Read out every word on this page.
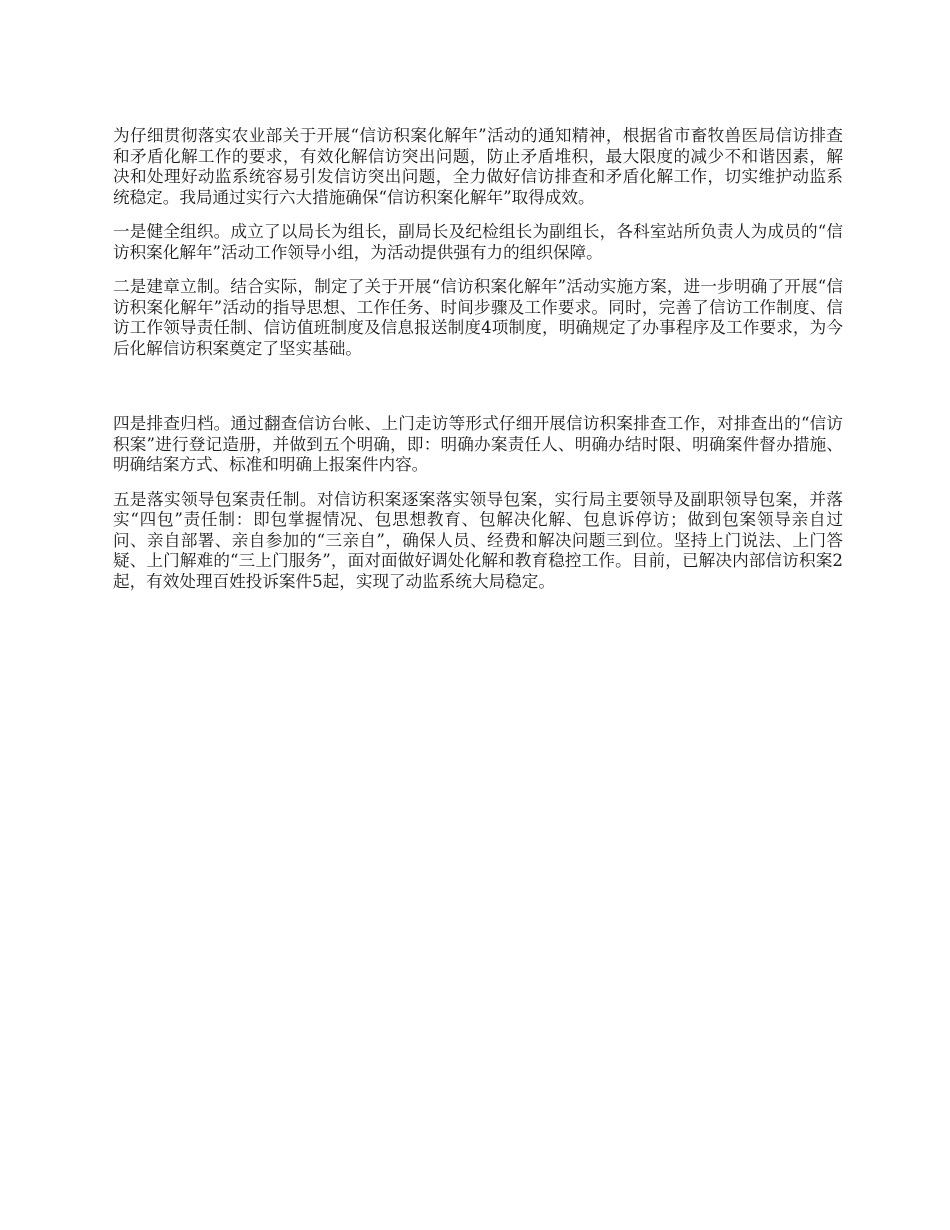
为仔细贯彻落实农业部关于开展“信访积案化解年”活动的通知精神，根据省市畜牧兽医局信访排查和矛盾化解工作的要求，有效化解信访突出问题，防止矛盾堆积，最大限度的减少不和谐因素，解决和处理好动监系统容易引发信访突出问题，全力做好信访排查和矛盾化解工作，切实维护动监系统稳定。我局通过实行六大措施确保“信访积案化解年”取得成效。

一是健全组织。成立了以局长为组长，副局长及纪检组长为副组长，各科室站所负责人为成员的“信访积案化解年”活动工作领导小组，为活动提供强有力的组织保障。

二是建章立制。结合实际，制定了关于开展“信访积案化解年”活动实施方案，进一步明确了开展“信访积案化解年”活动的指导思想、工作任务、时间步骤及工作要求。同时，完善了信访工作制度、信访工作领导责任制、信访值班制度及信息报送制度4项制度，明确规定了办事程序及工作要求，为今后化解信访积案奠定了坚实基础。

四是排查归档。通过翻查信访台帐、上门走访等形式仔细开展信访积案排查工作，对排查出的“信访积案”进行登记造册，并做到五个明确，即：明确办案责任人、明确办结时限、明确案件督办措施、明确结案方式、标准和明确上报案件内容。

五是落实领导包案责任制。对信访积案逐案落实领导包案，实行局主要领导及副职领导包案，并落实“四包”责任制：即包掌握情况、包思想教育、包解决化解、包息诉停访；做到包案领导亲自过问、亲自部署、亲自参加的“三亲自”，确保人员、经费和解决问题三到位。坚持上门说法、上门答疑、上门解难的“三上门服务”，面对面做好调处化解和教育稳控工作。目前，已解决内部信访积案2起，有效处理百姓投诉案件5起，实现了动监系统大局稳定。
